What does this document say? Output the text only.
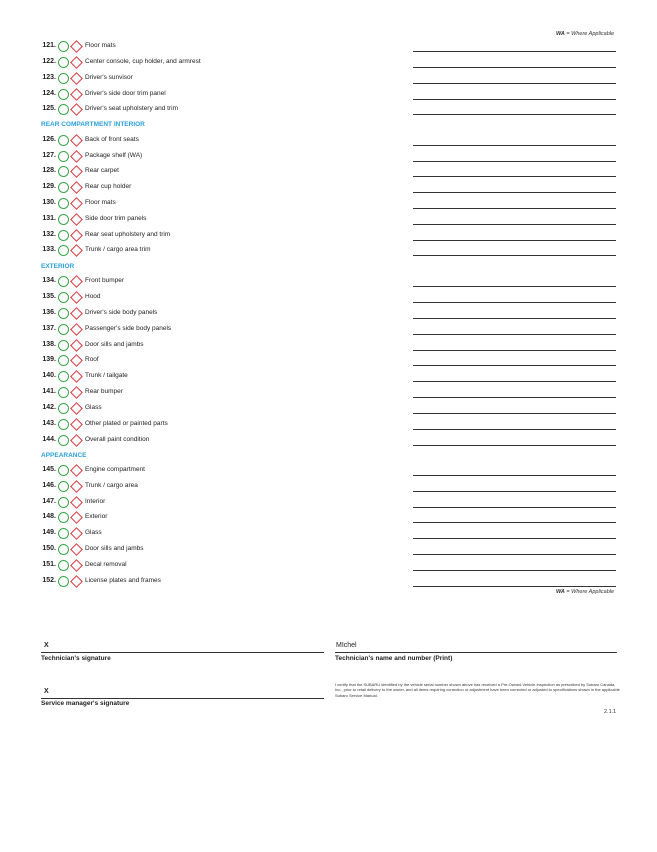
WA = Where Applicable
121.	Floor mats
122.	Center console, cup holder, and armrest
123.	Driver's sunvisor
124.	Driver's side door trim panel
125.	Driver's seat upholstery and trim
REAR COMPARTMENT INTERIOR
126.	Back of front seats
127.	Package shelf (WA)
128.	Rear carpet
129.	Rear cup holder
130.	Floor mats
131.	Side door trim panels
132.	Rear seat upholstery and trim
133.	Trunk / cargo area trim
EXTERIOR
134.	Front bumper
135.	Hood
136.	Driver's side body panels
137.	Passenger's side body panels
138.	Door sills and jambs
139.	Roof
140.	Trunk / tailgate
141.	Rear bumper
142.	Glass
143.	Other plated or painted parts
144.	Overall paint condition
APPEARANCE
145.	Engine compartment
146.	Trunk / cargo area
147.	Interior
148.	Exterior
149.	Glass
150.	Door sills and jambs
151.	Decal removal
152.	License plates and frames
WA = Where Applicable
X
Technician's signature
MIchel
Technician's name and number (Print)
X
Service manager's signature
I certify that the SUBARU identified by the vehicle serial number shown above has received a Pre-Owned Vehicle Inspection as prescribed by Subaru Canada, Inc., prior to retail delivery to the owner, and all items requiring correction or adjustment have been corrected or adjusted to specifications shown in the applicable Subaru Service Manual.
2.1.1
